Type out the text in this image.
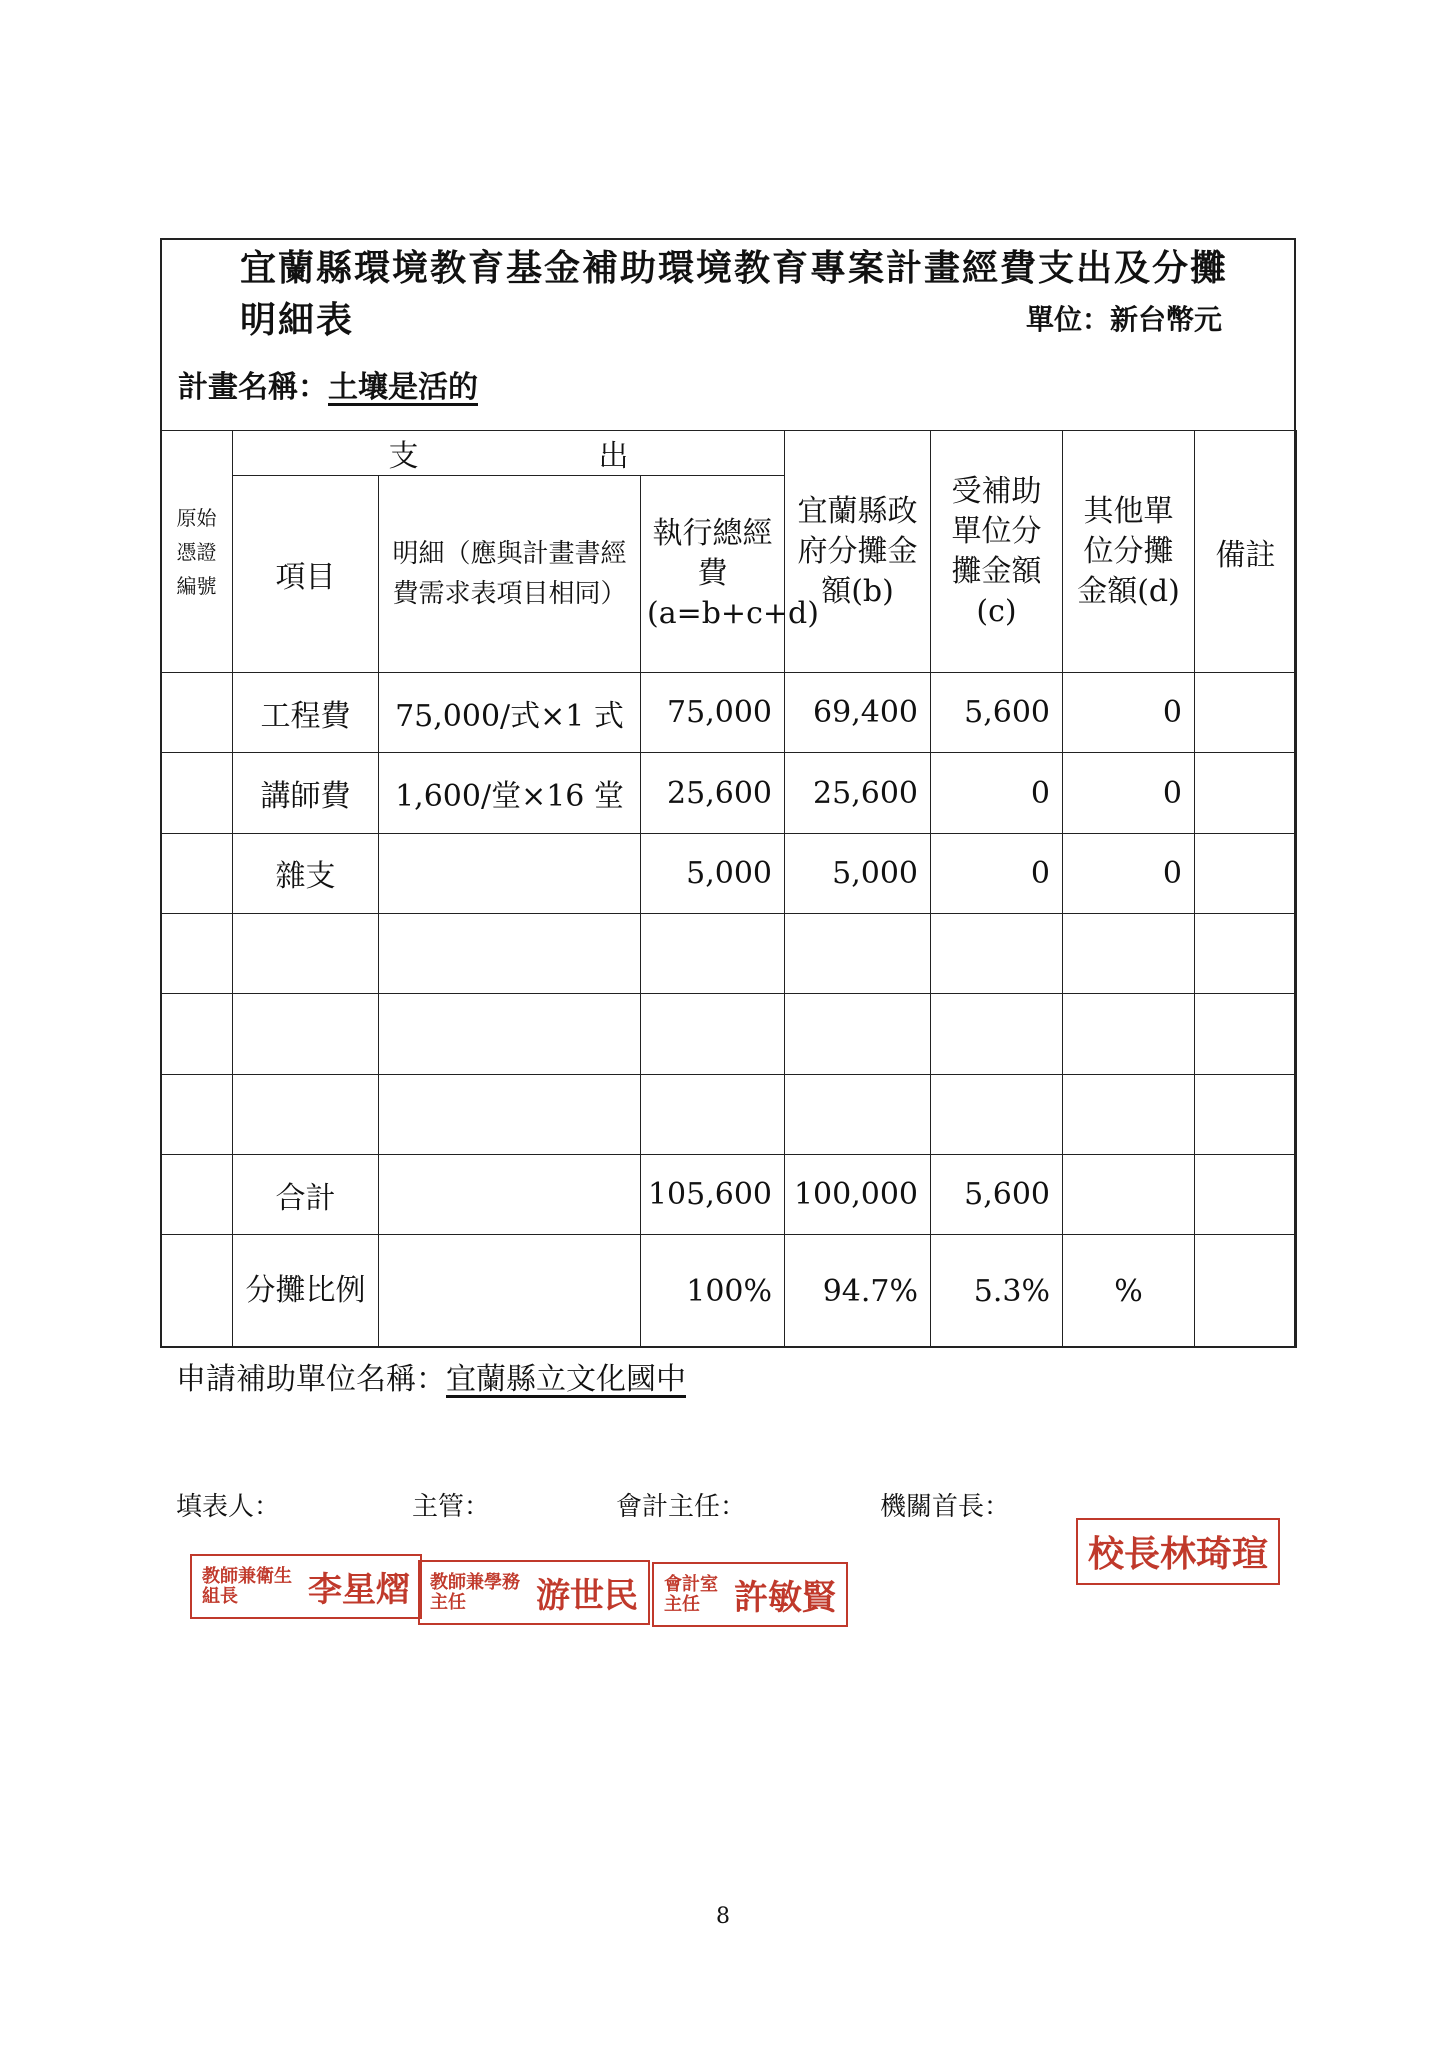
宜蘭縣環境教育基金補助環境教育專案計畫經費支出及分攤明細表	單位：新台幣元
計畫名稱：土壤是活的
原始憑證編號	支　　　　　　出			宜蘭縣政府分攤金額(b)	受補助單位分攤金額(c)	其他單位分攤金額(d)	備註
	項目	明細（應與計畫書經費需求表項目相同）	執行總經費(a=b+c+d)				
	工程費	75,000/式×1 式	75,000	69,400	5,600	0	
	講師費	1,600/堂×16 堂	25,600	25,600	0	0	
	雜支		5,000	5,000	0	0	

	合計		105,600	100,000	5,600		
	分攤比例		100%	94.7%	5.3%	%	
申請補助單位名稱：宜蘭縣立文化國中
填表人：	主管：	會計主任：	機關首長：
教師兼衛生組長	李星熠 教師兼學務主任	游世民 會計室主任	許敏賢
校長林琦瑄
8
